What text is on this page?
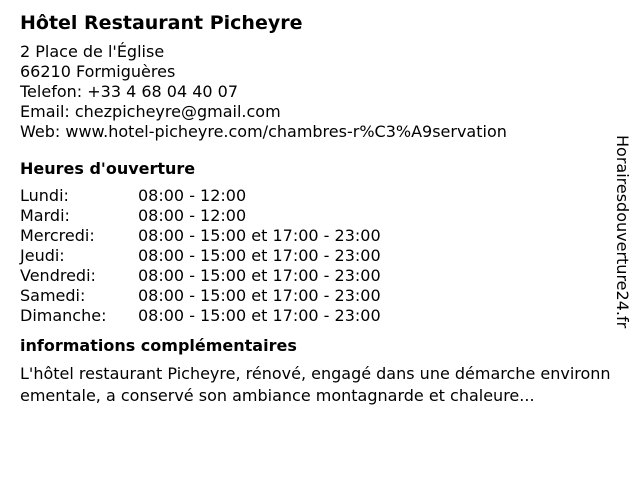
Hôtel Restaurant Picheyre
2 Place de l'Église
66210 Formiguères
Telefon: +33 4 68 04 40 07
Email: chezpicheyre@gmail.com
Web: www.hotel-picheyre.com/chambres-r%C3%A9servation
Heures d'ouverture
Lundi:	08:00 - 12:00
Mardi:	08:00 - 12:00
Mercredi:	08:00 - 15:00 et 17:00 - 23:00
Jeudi:	08:00 - 15:00 et 17:00 - 23:00
Vendredi:	08:00 - 15:00 et 17:00 - 23:00
Samedi:	08:00 - 15:00 et 17:00 - 23:00
Dimanche: 08:00 - 15:00 et 17:00 - 23:00
informations complémentaires
L'hôtel restaurant Picheyre, rénové, engagé dans une démarche environnementale, a conservé son ambiance montagnarde et chaleure...
Horairesdouverture24.fr
